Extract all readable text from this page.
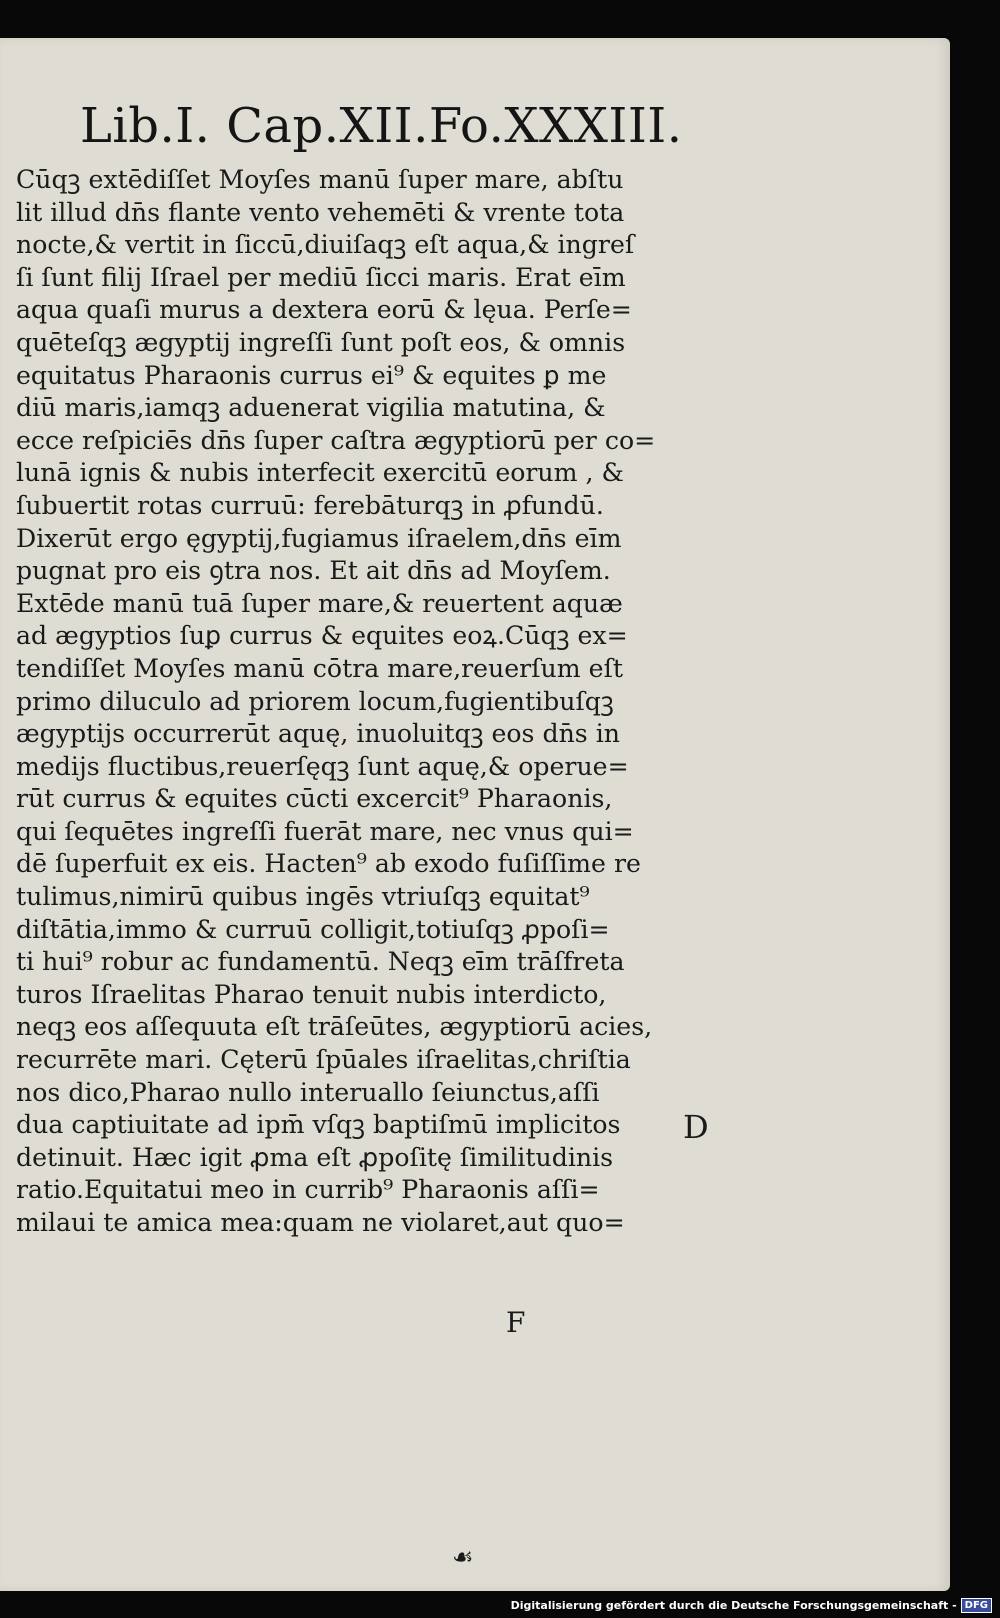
Lib.I. Cap.XII.Fo.XXXIII.
Cūqꝫ extēdiſſet Moyſes manū ſuper mare, abſtu
lit illud dn̄s flante vento vehemēti & vrente tota
nocte,& vertit in ſiccū,diuiſaqꝫ eſt aqua,& ingreſ
ſi ſunt filij Iſrael per mediū ſicci maris. Erat eīm
aqua quaſi murus a dextera eorū & lęua. Perſe=
quēteſqꝫ ægyptij ingreſſi ſunt poſt eos, & omnis
equitatus Pharaonis currus ei⁹ & equites ꝑ me
diū maris,iamqꝫ aduenerat vigilia matutina, &
ecce reſpiciēs dn̄s ſuper caſtra ægyptiorū per co=
lunā ignis & nubis interfecit exercitū eorum , &
ſubuertit rotas curruū: ferebāturqꝫ in ꝓfundū.
Dixerūt ergo ęgyptij,fugiamus iſraelem,dn̄s eīm
pugnat pro eis ꝯtra nos. Et ait dn̄s ad Moyſem.
Extēde manū tuā ſuper mare,& reuertent aquæ
ad ægyptios ſuꝑ currus & equites eoꝝ.Cūqꝫ ex=
tendiſſet Moyſes manū cōtra mare,reuerſum eſt
primo diluculo ad priorem locum,fugientibuſqꝫ
ægyptijs occurrerūt aquę, inuoluitqꝫ eos dn̄s in
medijs fluctibus,reuerſęqꝫ ſunt aquę,& operue=
rūt currus & equites cūcti excercit⁹ Pharaonis,
qui ſequētes ingreſſi fuerāt mare, nec vnus qui=
dē ſuperfuit ex eis. Hacten⁹ ab exodo fuſiſſime re
tulimus,nimirū quibus ingēs vtriuſqꝫ equitat⁹
diſtātia,immo & curruū colligit,totiuſqꝫ ꝓpoſi=
ti hui⁹ robur ac fundamentū. Neqꝫ eīm trāſfreta
turos Iſraelitas Pharao tenuit nubis interdicto,
neqꝫ eos aſſequuta eſt trāſeūtes, ægyptiorū acies,
recurrēte mari. Cęterū ſpūales iſraelitas,chriſtia
nos dico,Pharao nullo interuallo ſeiunctus,aſſi
dua captiuitate ad ipm̄ vſqꝫ baptiſmū implicitos
detinuit. Hæc igit ꝓma eſt ꝓpoſitę ſimilitudinis
ratio.Equitatui meo in currib⁹ Pharaonis aſſi=
milaui te amica mea:quam ne violaret,aut quo=
D
F
☙
Digitalisierung gefördert durch die Deutsche Forschungsgemeinschaft - DFG
